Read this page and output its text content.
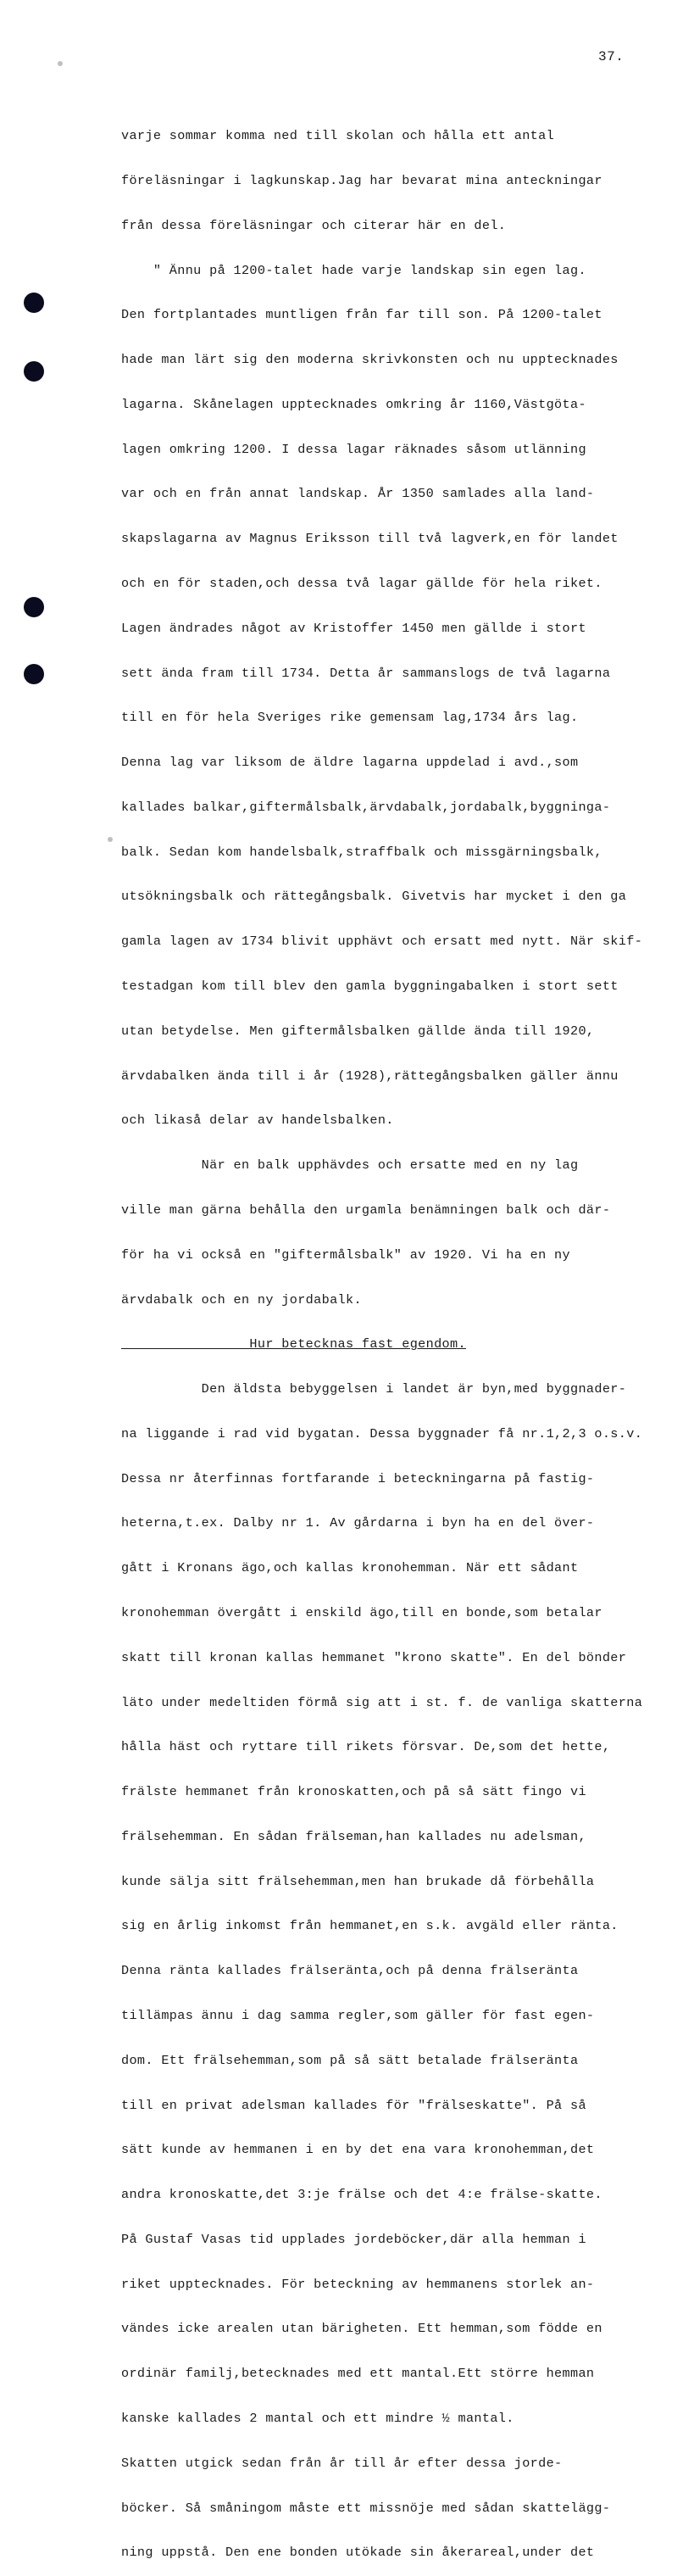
37.

varje sommar komma ned till skolan och hålla ett antal

föreläsningar i lagkunskap.Jag har bevarat mina anteckningar

från dessa föreläsningar och citerar här en del.

" Ännu på 1200-talet hade varje landskap sin egen lag.

Den fortplantades muntligen från far till son. På 1200-talet

hade man lärt sig den moderna skrivkonsten och nu upptecknades

lagarna. Skånelagen upptecknades omkring år 1160,Västgöta-

lagen omkring 1200. I dessa lagar räknades såsom utlänning

var och en från annat landskap. År 1350 samlades alla land-

skapslagarna av Magnus Eriksson till två lagverk,en för landet

och en för staden,och dessa två lagar gällde för hela riket.

Lagen ändrades något av Kristoffer 1450 men gällde i stort

sett ända fram till 1734. Detta år sammanslogs de två lagarna

till en för hela Sveriges rike gemensam lag,1734 års lag.

Denna lag var liksom de äldre lagarna uppdelad i avd.,som

kallades balkar,giftermålsbalk,ärvdabalk,jordabalk,byggninga-

balk. Sedan kom handelsbalk,straffbalk och missgärningsbalk,

utsökningsbalk och rättegångsbalk. Givetvis har mycket i den ga

gamla lagen av 1734 blivit upphävt och ersatt med nytt. När skif-

testadgan kom till blev den gamla byggningabalken i stort sett

utan betydelse. Men giftermålsbalken gällde ända till 1920,

ärvdabalken ända till i år (1928),rättegångsbalken gäller ännu

och likaså delar av handelsbalken.

När en balk upphävdes och ersatte med en ny lag

ville man gärna behålla den urgamla benämningen balk och där-

för ha vi också en "giftermålsbalk" av 1920. Vi ha en ny

ärvdabalk och en ny jordabalk.

Hur betecknas fast egendom.

Den äldsta bebyggelsen i landet är byn,med byggnader-

na liggande i rad vid bygatan. Dessa byggnader få nr.1,2,3 o.s.v.

Dessa nr återfinnas fortfarande i beteckningarna på fastig-

heterna,t.ex. Dalby nr 1. Av gårdarna i byn ha en del över-

gått i Kronans ägo,och kallas kronohemman. När ett sådant

kronohemman övergått i enskild ägo,till en bonde,som betalar

skatt till kronan kallas hemmanet "krono skatte". En del bönder

läto under medeltiden förmå sig att i st. f. de vanliga skatterna

hålla häst och ryttare till rikets försvar. De,som det hette,

frälste hemmanet från kronoskatten,och på så sätt fingo vi

frälsehemman. En sådan frälseman,han kallades nu adelsman,

kunde sälja sitt frälsehemman,men han brukade då förbehålla

sig en årlig inkomst från hemmanet,en s.k. avgäld eller ränta.

Denna ränta kallades frälseränta,och på denna frälseränta

tillämpas ännu i dag samma regler,som gäller för fast egen-

dom. Ett frälsehemman,som på så sätt betalade frälseränta

till en privat adelsman kallades för "frälseskatte". På så

sätt kunde av hemmanen i en by det ena vara kronohemman,det

andra kronoskatte,det 3:je frälse och det 4:e frälse-skatte.

På Gustaf Vasas tid upplades jordeböcker,där alla hemman i

riket upptecknades. För beteckning av hemmanens storlek an-

vändes icke arealen utan bärigheten. Ett hemman,som födde en

ordinär familj,betecknades med ett mantal.Ett större hemman

kanske kallades 2 mantal och ett mindre ½ mantal.

Skatten utgick sedan från år till år efter dessa jorde-

böcker. Så småningom måste ett missnöje med sådan skattelägg-

ning uppstå. Den ene bonden utökade sin åkerareal,under det
